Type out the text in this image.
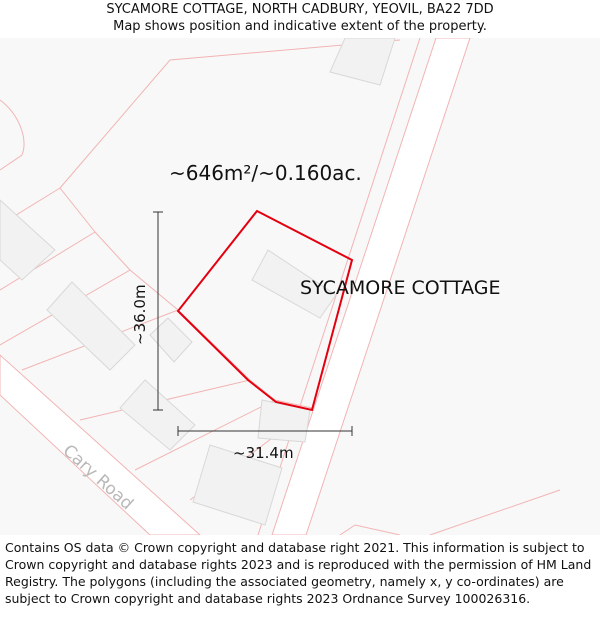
SYCAMORE COTTAGE, NORTH CADBURY, YEOVIL, BA22 7DD
Map shows position and indicative extent of the property.
~646m²/~0.160ac.
SYCAMORE COTTAGE
~36.0m
~31.4m
Cary Road
Contains OS data © Crown copyright and database right 2021. This information is subject to Crown copyright and database rights 2023 and is reproduced with the permission of HM Land Registry. The polygons (including the associated geometry, namely x, y co-ordinates) are subject to Crown copyright and database rights 2023 Ordnance Survey 100026316.
